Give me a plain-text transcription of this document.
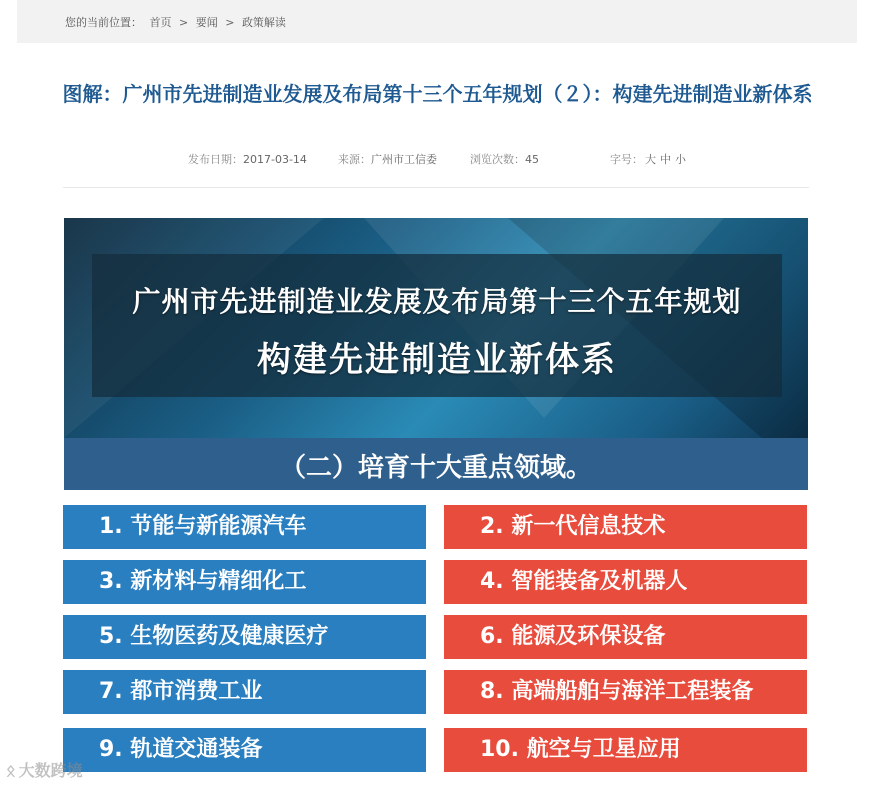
您的当前位置： 首页 > 要闻 > 政策解读
图解：广州市先进制造业发展及布局第十三个五年规划（２）：构建先进制造业新体系
发布日期：2017-03-14	来源：广州市工信委	浏览次数：45	字号： 大 中 小
广州市先进制造业发展及布局第十三个五年规划
构建先进制造业新体系
（二）培育十大重点领域。
1. 节能与新能源汽车	2. 新一代信息技术
3. 新材料与精细化工	4. 智能装备及机器人
5. 生物医药及健康医疗	6. 能源及环保设备
7. 都市消费工业	8. 高端船舶与海洋工程装备
9. 轨道交通装备	10. 航空与卫星应用
ᛟ 大数跨境
